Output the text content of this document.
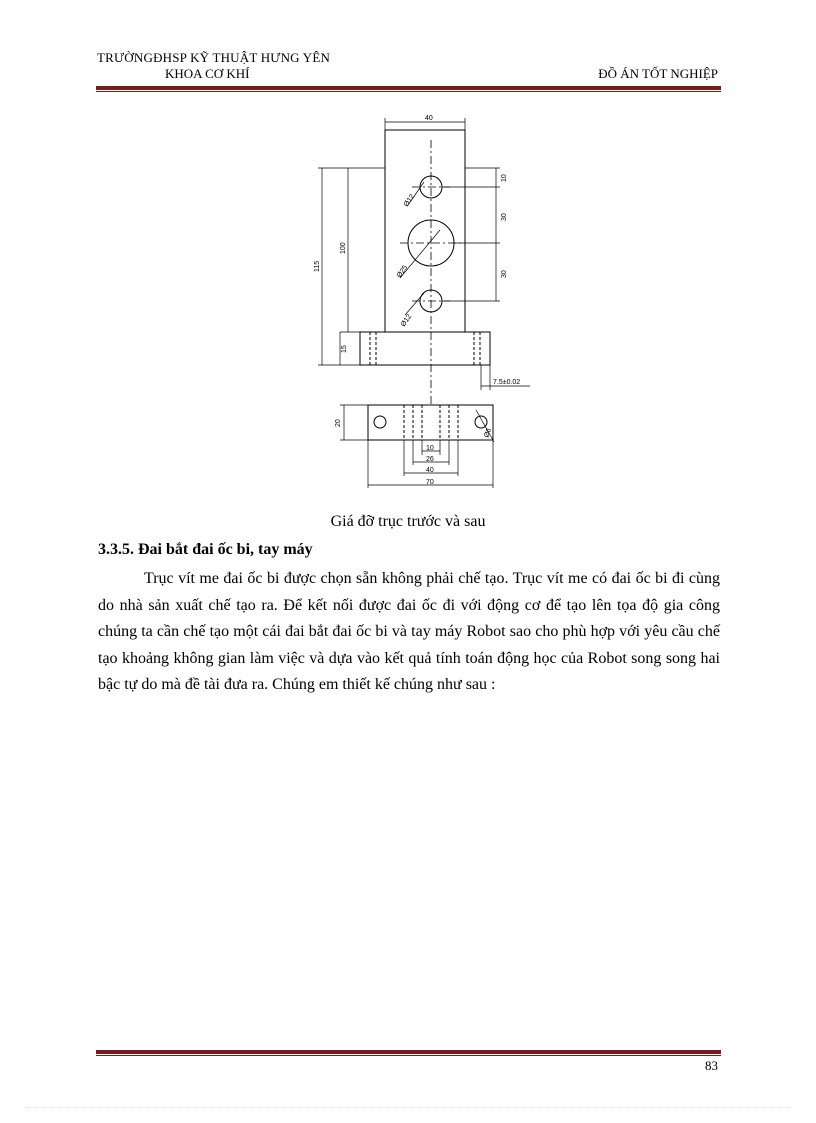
TRƯỜNGĐHSP KỸ THUẬT HƯNG YÊN
KHOA CƠ KHÍ	ĐỒ ÁN TỐT NGHIỆP
40
10
30
30
115
100
15
Ø12
Ø25
Ø12
7.5±0.02
20
Ø6
10
26
40
70
Giá đỡ trục trước và sau
3.3.5. Đai bắt đai ốc bi, tay máy

Trục vít me đai ốc bi được chọn sẵn không phải chế tạo. Trục vít me có đai ốc bi đi cùng do nhà sản xuất chế tạo ra. Để kết nối được đai ốc đi với động cơ để tạo lên tọa độ gia công chúng ta cần chế tạo một cái đai bắt đai ốc bi và tay máy Robot sao cho phù hợp với yêu cầu chế tạo khoảng không gian làm việc và dựa vào kết quả tính toán động học của Robot song song hai bậc tự do mà đề tài đưa ra. Chúng em thiết kế chúng như sau :

83
